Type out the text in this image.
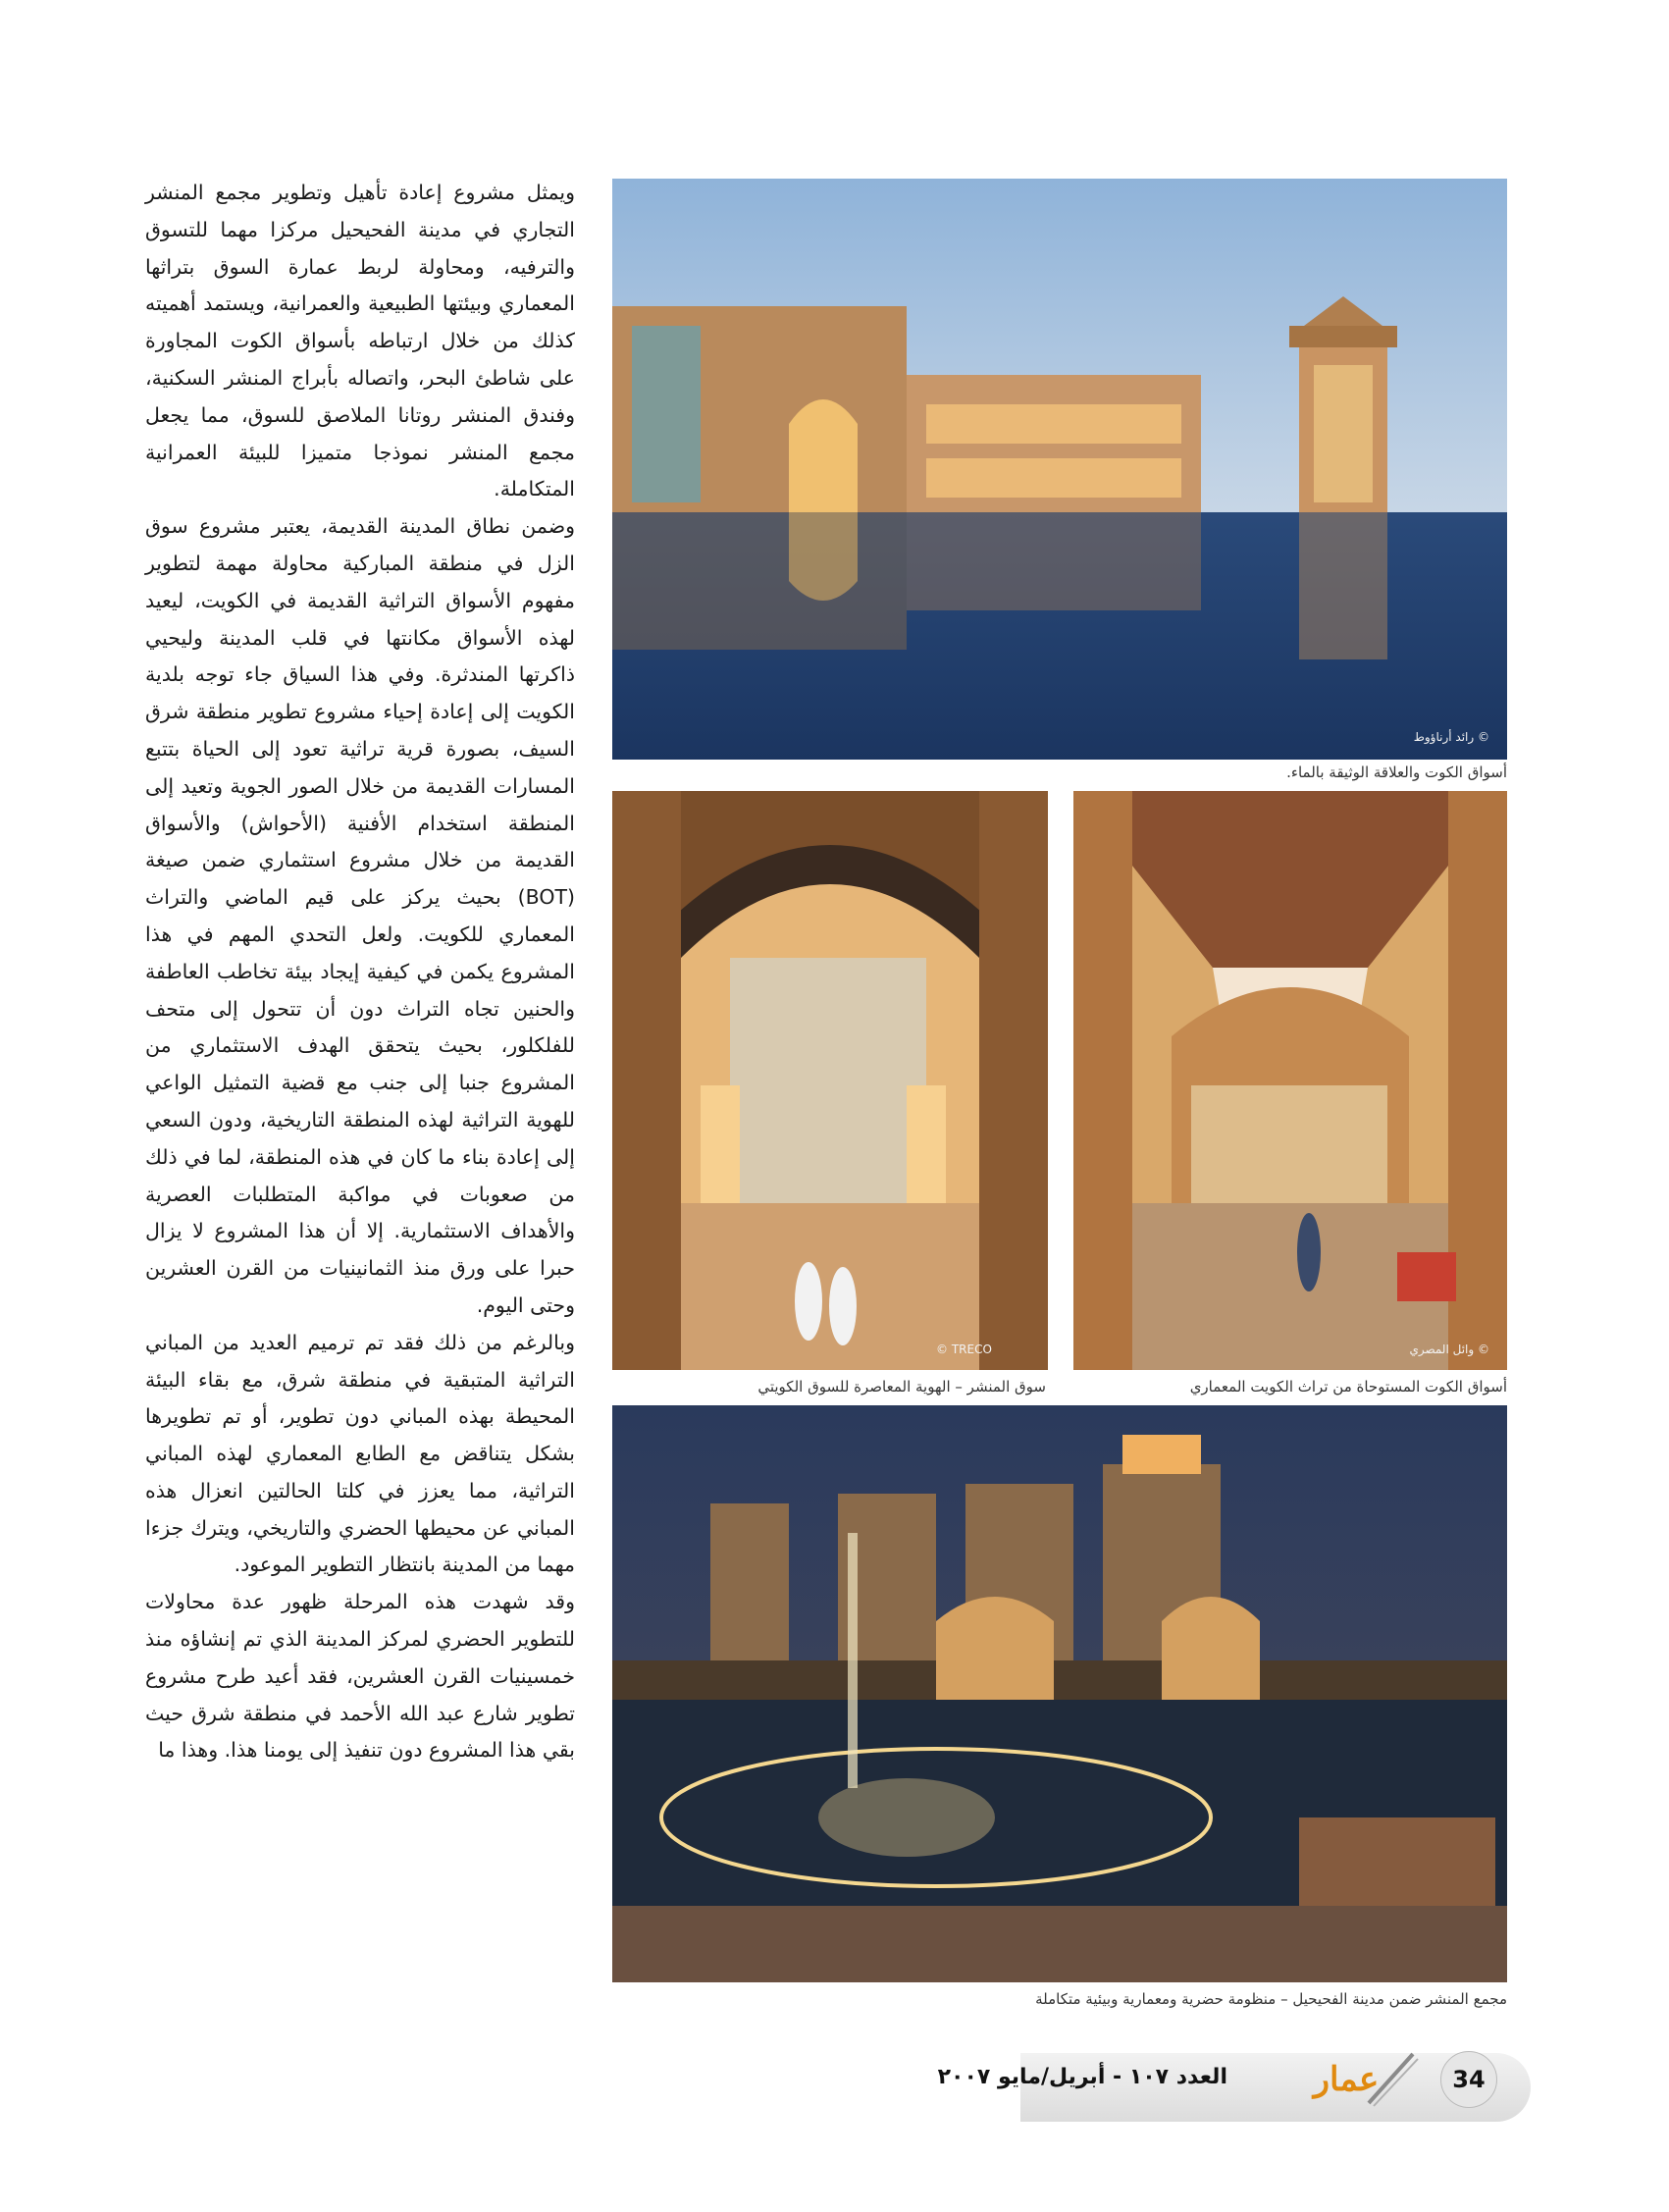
ويمثل مشروع إعادة تأهيل وتطوير مجمع المنشر التجاري في مدينة الفحيحيل مركزا مهما للتسوق والترفيه، ومحاولة لربط عمارة السوق بتراثها المعماري وبيئتها الطبيعية والعمرانية، ويستمد أهميته كذلك من خلال ارتباطه بأسواق الكوت المجاورة على شاطئ البحر، واتصاله بأبراج المنشر السكنية، وفندق المنشر روتانا الملاصق للسوق، مما يجعل مجمع المنشر نموذجا متميزا للبيئة العمرانية المتكاملة.

وضمن نطاق المدينة القديمة، يعتبر مشروع سوق الزل في منطقة المباركية محاولة مهمة لتطوير مفهوم الأسواق التراثية القديمة في الكويت، ليعيد لهذه الأسواق مكانتها في قلب المدينة وليحيي ذاكرتها المندثرة. وفي هذا السياق جاء توجه بلدية الكويت إلى إعادة إحياء مشروع تطوير منطقة شرق السيف، بصورة قرية تراثية تعود إلى الحياة بتتبع المسارات القديمة من خلال الصور الجوية وتعيد إلى المنطقة استخدام الأفنية (الأحواش) والأسواق القديمة من خلال مشروع استثماري ضمن صيغة (BOT) بحيث يركز على قيم الماضي والتراث المعماري للكويت. ولعل التحدي المهم في هذا المشروع يكمن في كيفية إيجاد بيئة تخاطب العاطفة والحنين تجاه التراث دون أن تتحول إلى متحف للفلكلور، بحيث يتحقق الهدف الاستثماري من المشروع جنبا إلى جنب مع قضية التمثيل الواعي للهوية التراثية لهذه المنطقة التاريخية، ودون السعي إلى إعادة بناء ما كان في هذه المنطقة، لما في ذلك من صعوبات في مواكبة المتطلبات العصرية والأهداف الاستثمارية. إلا أن هذا المشروع لا يزال حبرا على ورق منذ الثمانينيات من القرن العشرين وحتى اليوم.

وبالرغم من ذلك فقد تم ترميم العديد من المباني التراثية المتبقية في منطقة شرق، مع بقاء البيئة المحيطة بهذه المباني دون تطوير، أو تم تطويرها بشكل يتناقض مع الطابع المعماري لهذه المباني التراثية، مما يعزز في كلتا الحالتين انعزال هذه المباني عن محيطها الحضري والتاريخي، ويترك جزءا مهما من المدينة بانتظار التطوير الموعود.

وقد شهدت هذه المرحلة ظهور عدة محاولات للتطوير الحضري لمركز المدينة الذي تم إنشاؤه منذ خمسينيات القرن العشرين، فقد أعيد طرح مشروع تطوير شارع عبد الله الأحمد في منطقة شرق حيث بقي هذا المشروع دون تنفيذ إلى يومنا هذا. وهذا ما

© رائد أرناؤوط
أسواق الكوت والعلاقة الوثيقة بالماء.
© TRECO
سوق المنشر – الهوية المعاصرة للسوق الكويتي
© وائل المصري
أسواق الكوت المستوحاة من تراث الكويت المعماري
مجمع المنشر ضمن مدينة الفحيحيل – منظومة حضرية ومعمارية وبيئية متكاملة
عمار
العدد ١٠٧ - أبريل/مايو ٢٠٠٧	34
